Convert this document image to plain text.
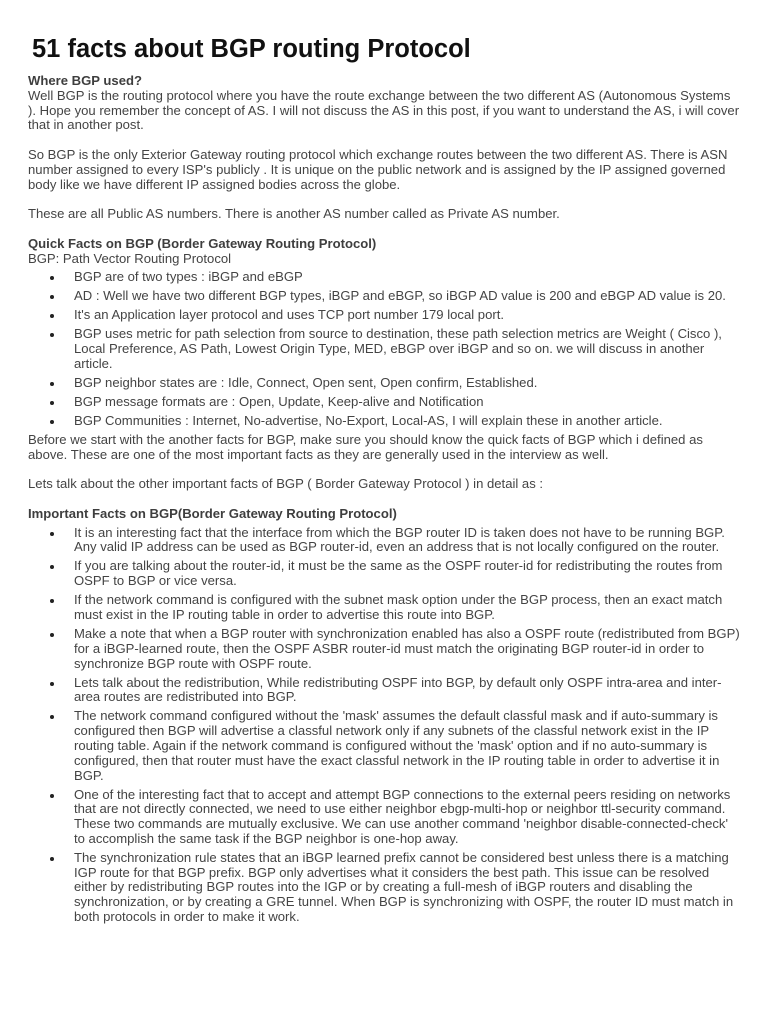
51 facts about BGP routing Protocol

Where BGP used?

Well BGP is the routing protocol where you have the route exchange between the two different AS (Autonomous Systems ). Hope you remember the concept of AS. I will not discuss the AS in this post, if you want to understand the AS, i will cover that in another post.

So BGP is the only Exterior Gateway routing protocol which exchange routes between the two different AS. There is ASN number assigned to every ISP's publicly . It is unique on the public network and is assigned by the IP assigned governed body like we have different IP assigned bodies across the globe.

These are all Public AS numbers. There is another AS number called as Private AS number.

Quick Facts on BGP (Border Gateway Routing Protocol)

BGP: Path Vector Routing Protocol

BGP are of two types : iBGP and eBGP
AD : Well we have two different BGP types, iBGP and eBGP, so iBGP AD value is 200 and eBGP AD value is 20.
It's an Application layer protocol and uses TCP port number 179 local port.
BGP uses metric for path selection from source to destination, these path selection metrics are Weight ( Cisco ), Local Preference, AS Path, Lowest Origin Type, MED, eBGP over iBGP and so on. we will discuss in another article.
BGP neighbor states are : Idle, Connect, Open sent, Open confirm, Established.
BGP message formats are : Open, Update, Keep-alive and Notification
BGP Communities : Internet, No-advertise, No-Export, Local-AS, I will explain these in another article.

Before we start with the another facts for BGP, make sure you should know the quick facts of BGP which i defined as above. These are one of the most important facts as they are generally used in the interview as well.

Lets talk about the other important facts of BGP ( Border Gateway Protocol ) in detail as :

Important Facts on BGP(Border Gateway Routing Protocol)

It is an interesting fact that the interface from which the BGP router ID is taken does not have to be running BGP. Any valid IP address can be used as BGP router-id, even an address that is not locally configured on the router.
If you are talking about the router-id, it must be the same as the OSPF router-id for redistributing the routes from OSPF to BGP or vice versa.
If the network command is configured with the subnet mask option under the BGP process, then an exact match must exist in the IP routing table in order to advertise this route into BGP.
Make a note that when a BGP router with synchronization enabled has also a OSPF route (redistributed from BGP) for a iBGP-learned route, then the OSPF ASBR router-id must match the originating BGP router-id in order to synchronize BGP route with OSPF route.
Lets talk about the redistribution, While redistributing OSPF into BGP, by default only OSPF intra-area and inter-area routes are redistributed into BGP.
The network command configured without the 'mask' assumes the default classful mask and if auto-summary is configured then BGP will advertise a classful network only if any subnets of the classful network exist in the IP routing table. Again if the network command is configured without the 'mask' option and if no auto-summary is configured, then that router must have the exact classful network in the IP routing table in order to advertise it in BGP.
One of the interesting fact that to accept and attempt BGP connections to the external peers residing on networks that are not directly connected, we need to use either neighbor ebgp-multi-hop or neighbor ttl-security command. These two commands are mutually exclusive. We can use another command 'neighbor disable-connected-check' to accomplish the same task if the BGP neighbor is one-hop away.
The synchronization rule states that an iBGP learned prefix cannot be considered best unless there is a matching IGP route for that BGP prefix. BGP only advertises what it considers the best path. This issue can be resolved either by redistributing BGP routes into the IGP or by creating a full-mesh of iBGP routers and disabling the synchronization, or by creating a GRE tunnel. When BGP is synchronizing with OSPF, the router ID must match in both protocols in order to make it work.
